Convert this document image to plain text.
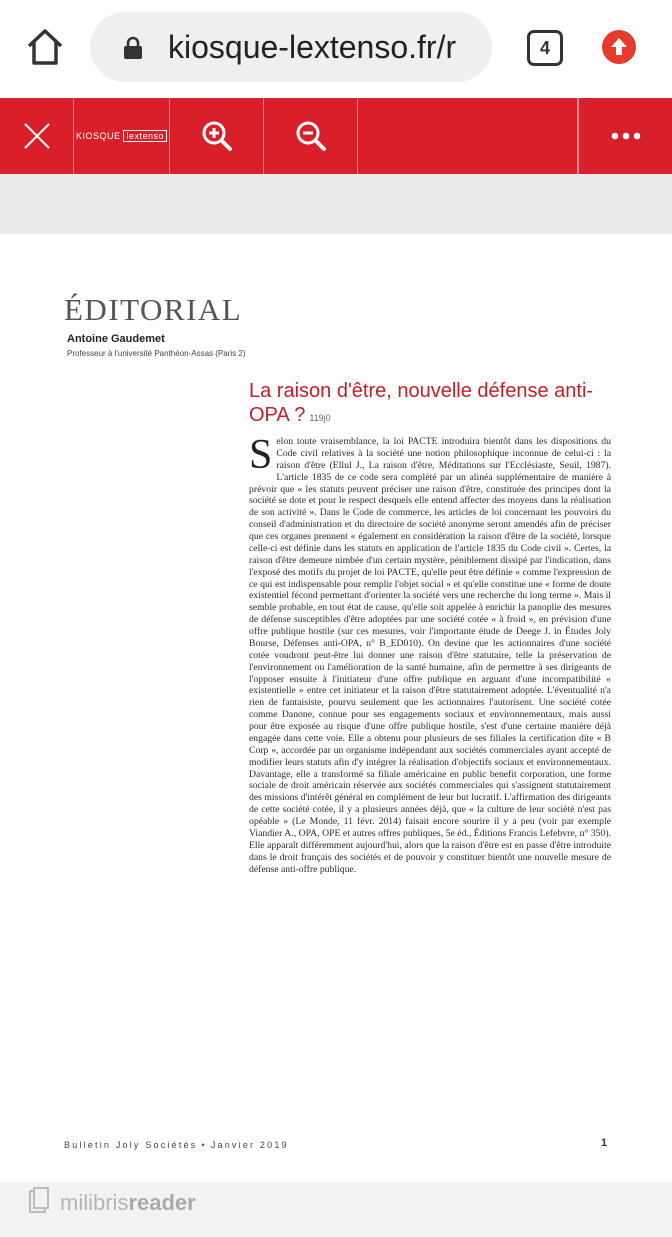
kiosque-lextenso.fr/r	4
KIOSQUE lextenso
ÉDITORIAL
Antoine Gaudemet
Professeur à l'université Panthéon-Assas (Paris 2)
La raison d'être, nouvelle défense anti-OPA ? 119j0
Selon toute vraisemblance, la loi PACTE introduira bientôt dans les dispositions du Code civil relatives à la société une notion philosophique inconnue de celui-ci : la raison d'être (Ellul J., La raison d'être, Méditations sur l'Ecclésiaste, Seuil, 1987). L'article 1835 de ce code sera complété par un alinéa supplémentaire de manière à prévoir que « les statuts peuvent préciser une raison d'être, constituée des principes dont la société se dote et pour le respect desquels elle entend affecter des moyens dans la réalisation de son activité ». Dans le Code de commerce, les articles de loi concernant les pouvoirs du conseil d'administration et du directoire de société anonyme seront amendés afin de préciser que ces organes prennent « également en considération la raison d'être de la société, lorsque celle-ci est définie dans les statuts en application de l'article 1835 du Code civil ». Certes, la raison d'être demeure nimbée d'un certain mystère, péniblement dissipé par l'indication, dans l'exposé des motifs du projet de loi PACTE, qu'elle peut être définie « comme l'expression de ce qui est indispensable pour remplir l'objet social » et qu'elle constitue une « forme de doute existentiel fécond permettant d'orienter la société vers une recherche du long terme ». Mais il semble probable, en tout état de cause, qu'elle soit appelée à enrichir la panoplie des mesures de défense susceptibles d'être adoptées par une société cotée « à froid », en prévision d'une offre publique hostile (sur ces mesures, voir l'importante étude de Deege J. in Études Joly Bourse, Défenses anti-OPA, n° B_ED010). On devine que les actionnaires d'une société cotée voudront peut-être lui donner une raison d'être statutaire, telle la préservation de l'environnement ou l'amélioration de la santé humaine, afin de permettre à ses dirigeants de l'opposer ensuite à l'initiateur d'une offre publique en arguant d'une incompatibilité « existentielle » entre cet initiateur et la raison d'être statutairement adoptée. L'éventualité n'a rien de fantaisiste, pourvu seulement que les actionnaires l'autorisent. Une société cotée comme Danone, connue pour ses engagements sociaux et environnementaux, mais aussi pour être exposée au risque d'une offre publique hostile, s'est d'une certaine manière déjà engagée dans cette voie. Elle a obtenu pour plusieurs de ses filiales la certification dite « B Corp », accordée par un organisme indépendant aux sociétés commerciales ayant accepté de modifier leurs statuts afin d'y intégrer la réalisation d'objectifs sociaux et environnementaux. Davantage, elle a transformé sa filiale américaine en public benefit corporation, une forme sociale de droit américain réservée aux sociétés commerciales qui s'assignent statutairement des missions d'intérêt général en complément de leur but lucratif. L'affirmation des dirigeants de cette société cotée, il y a plusieurs années déjà, que « la culture de leur société n'est pas opéable » (Le Monde, 11 févr. 2014) faisait encore sourire il y a peu (voir par exemple Viandier A., OPA, OPE et autres offres publiques, 5e éd., Éditions Francis Lefebvre, n° 350). Elle apparaît différemment aujourd'hui, alors que la raison d'être est en passe d'être introduite dans le droit français des sociétés et de pouvoir y constituer bientôt une nouvelle mesure de défense anti-offre publique.
Bulletin Joly Sociétés • Janvier 2019	1
milibrisreader
